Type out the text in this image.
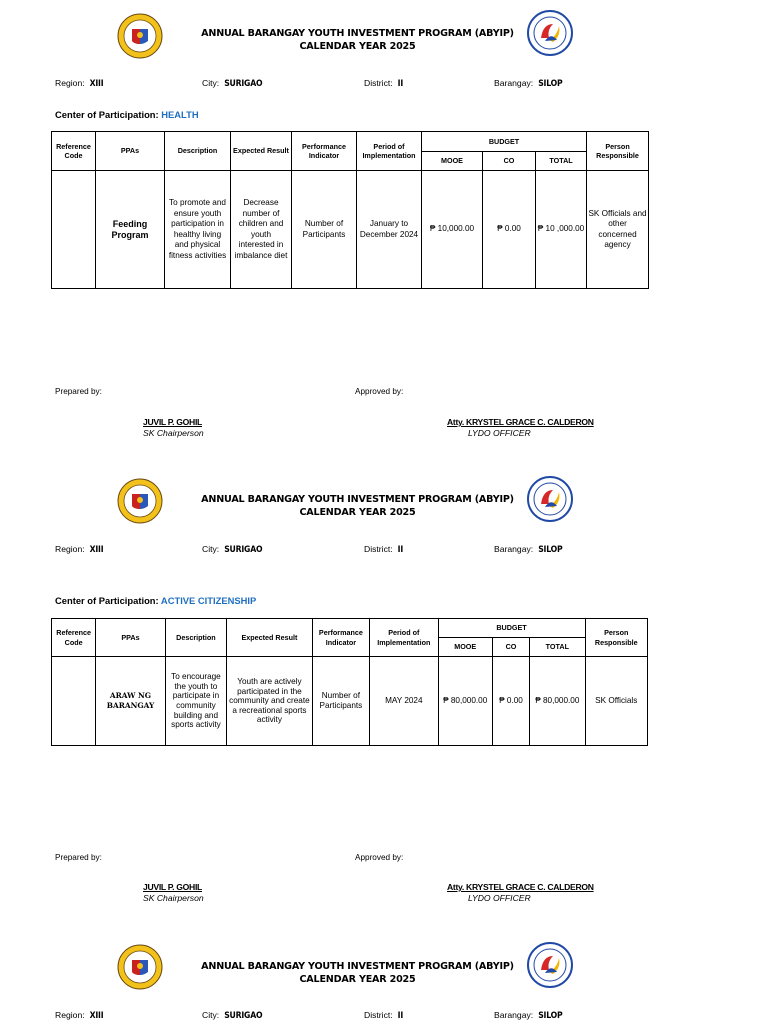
ANNUAL BARANGAY YOUTH INVESTMENT PROGRAM (ABYIP)
CALENDAR YEAR 2025
Region: XIII	City: SURIGAO	District: II	Barangay: SILOP
Center of Participation: HEALTH
Reference Code	PPAs	Description	Expected Result	Performance Indicator	Period of Implementation	BUDGET			Person Responsible
						MOOE	CO	TOTAL	
	Feeding Program	To promote and ensure youth participation in healthy living and physical fitness activities	Decrease number of children and youth interested in imbalance diet	Number of Participants	January to December 2024	₱ 10,000.00	₱ 0.00	₱ 10 ,000.00	SK Officials and other concerned agency
Prepared by:	Approved by:
JUVIL P. GOHIL
SK Chairperson
Atty. KRYSTEL GRACE C. CALDERON
LYDO OFFICER
ANNUAL BARANGAY YOUTH INVESTMENT PROGRAM (ABYIP)
CALENDAR YEAR 2025
Region: XIII	City: SURIGAO	District: II	Barangay: SILOP
Center of Participation: ACTIVE CITIZENSHIP
Reference Code	PPAs	Description	Expected Result	Performance Indicator	Period of Implementation	BUDGET			Person Responsible
						MOOE	CO	TOTAL	
	ARAW NG BARANGAY	To encourage the youth to participate in community building and sports activity	Youth are actively participated in the community and create a recreational sports activity	Number of Participants	MAY 2024	₱ 80,000.00	₱ 0.00	₱ 80,000.00	SK Officials
Prepared by:	Approved by:
JUVIL P. GOHIL
SK Chairperson
Atty. KRYSTEL GRACE C. CALDERON
LYDO OFFICER
ANNUAL BARANGAY YOUTH INVESTMENT PROGRAM (ABYIP)
CALENDAR YEAR 2025
Region: XIII	City: SURIGAO	District: II	Barangay: SILOP
